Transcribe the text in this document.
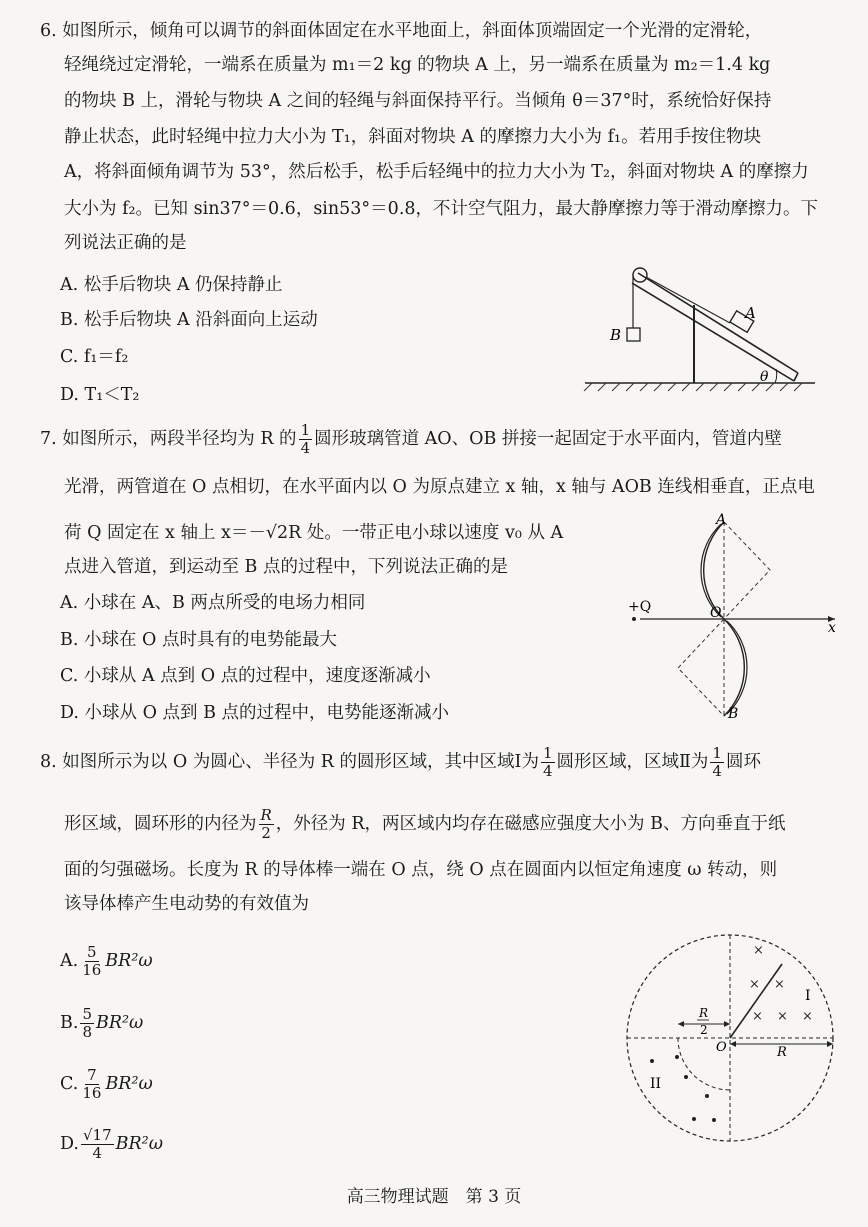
6. 如图所示，倾角可以调节的斜面体固定在水平地面上，斜面体顶端固定一个光滑的定滑轮，
轻绳绕过定滑轮，一端系在质量为 m₁＝2 kg 的物块 A 上，另一端系在质量为 m₂＝1.4 kg
的物块 B 上，滑轮与物块 A 之间的轻绳与斜面保持平行。当倾角 θ＝37°时，系统恰好保持
静止状态，此时轻绳中拉力大小为 T₁，斜面对物块 A 的摩擦力大小为 f₁。若用手按住物块
A，将斜面倾角调节为 53°，然后松手，松手后轻绳中的拉力大小为 T₂，斜面对物块 A 的摩擦力
大小为 f₂。已知 sin37°＝0.6，sin53°＝0.8，不计空气阻力，最大静摩擦力等于滑动摩擦力。下
列说法正确的是
A. 松手后物块 A 仍保持静止
B. 松手后物块 A 沿斜面向上运动
C. f₁＝f₂
D. T₁＜T₂
B
A
θ
7. 如图所示，两段半径均为 R 的 $\frac{1}{4}$ 圆形玻璃管道 AO、OB 拼接一起固定于水平面内，管道内壁
光滑，两管道在 O 点相切，在水平面内以 O 为原点建立 x 轴，x 轴与 AOB 连线相垂直，正点电
荷 Q 固定在 x 轴上 x＝－√2R 处。一带正电小球以速度 v₀ 从 A
点进入管道，到运动至 B 点的过程中，下列说法正确的是
A. 小球在 A、B 两点所受的电场力相同
B. 小球在 O 点时具有的电势能最大
C. 小球从 A 点到 O 点的过程中，速度逐渐减小
D. 小球从 O 点到 B 点的过程中，电势能逐渐减小
A
B
O
x
+Q
8. 如图所示为以 O 为圆心、半径为 R 的圆形区域，其中区域Ⅰ为 $\frac{1}{4}$ 圆形区域，区域Ⅱ为 $\frac{1}{4}$ 圆环
形区域，圆环形的内径为 $\frac{R}{2}$ ，外径为 R，两区域内均存在磁感应强度大小为 B、方向垂直于纸
面的匀强磁场。长度为 R 的导体棒一端在 O 点，绕 O 点在圆面内以恒定角速度 ω 转动，则
该导体棒产生电动势的有效值为
A. $\frac{5}{16} BR^2\omega$
B. $\frac{5}{8} BR^2\omega$
C. $\frac{7}{16} BR^2\omega$
D. $\frac{√17}{4} BR^2\omega$
×
× ×
× × ×
R
2
O	R
I
II
高三物理试题　第 3 页
